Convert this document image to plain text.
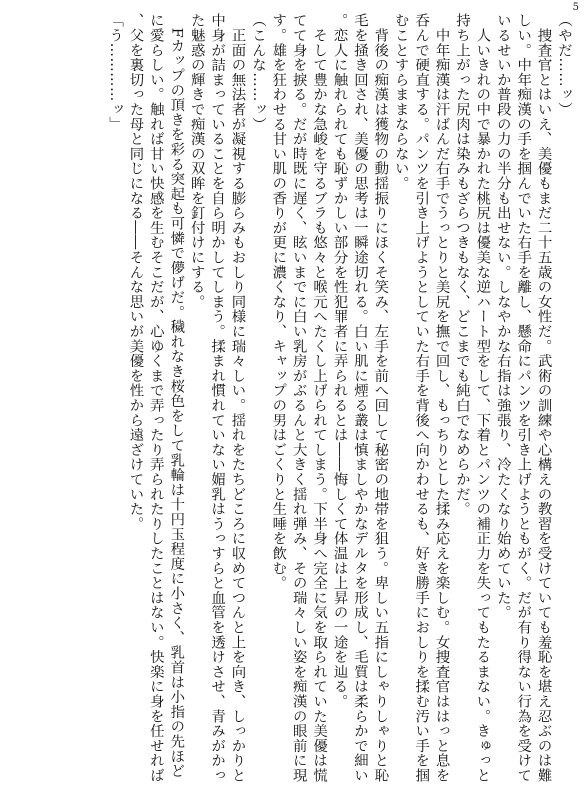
5

（やだ……ッ）

　捜査官とはいえ、美優もまだ二十五歳の女性だ。武術の訓練や心構えの教習を受けていても羞恥を堪え忍ぶのは難しい。中年痴漢の手を掴んでいた右手を離し、懸命にパンツを引き上げようともがく。だが有り得ない行為を受けているせいか普段の力の半分も出せない。しなやかな右指は強張り、冷たくなり始めていた。

　人いきれの中で暴かれた桃尻は優美な逆ハート型をして、下着とパンツの補正力を失ってもたるまない。きゅっと持ち上がった尻肉は染みもざらつきもなく、どこまでも純白でなめらかだ。

　中年痴漢は汗ばんだ右手でうっとりと美尻を撫で回し、もっちりとした揉み応えを楽しむ。女捜査官ははっと息を呑んで硬直する。パンツを引き上げようとしていた右手を背後へ向かわせるも、好き勝手におしりを揉む汚い手を掴むことすらままならない。

　背後の痴漢は獲物の動揺振りにほくそ笑み、左手を前へ回して秘密の地帯を狙う。卑しい五指にしゃりしゃりと恥毛を掻き回され、美優の思考は一瞬途切れる。白い肌に煙る叢は慎ましやかなデルタを形成し、毛質は柔らかで細い。恋人に触れられても恥ずかしい部分を性犯罪者に弄られるとは――悔しくて体温は上昇の一途を辿る。

　そして豊かな急峻を守るブラも悠々と喉元へたくし上げられてしまう。下半身へ完全に気を取られていた美優は慌てて身を捩る。だが時既に遅く、眩いまでに白い乳房がぶるんと大きく揺れ弾み、その瑞々しい姿を痴漢の眼前に現す。雄を狂わせる甘い肌の香りが更に濃くなり、キャップの男はごくりと生唾を飲む。

（こんな……ッ）

　正面の無法者が凝視する膨らみもおしり同様に瑞々しい。揺れをたちどころに収めてつんと上を向き、しっかりと中身が詰まっていることを自ら明かしてしまう。揉まれ慣れていない媚乳はうっすらと血管を透けさせ、青みがかった魅惑の輝きで痴漢の双眸を釘付けにする。

　Fカップの頂きを彩る突起も可憐で儚げだ。穢れなき桜色をして乳輪は十円玉程度に小さく、乳首は小指の先ほどに愛らしい。触れば甘い快感を生むそこだが、心ゆくまで弄ったり弄られたりしたことはない。快楽に身を任せれば、父を裏切った母と同じになる――そんな思いが美優を性から遠ざけていた。

「う…………ッ」
